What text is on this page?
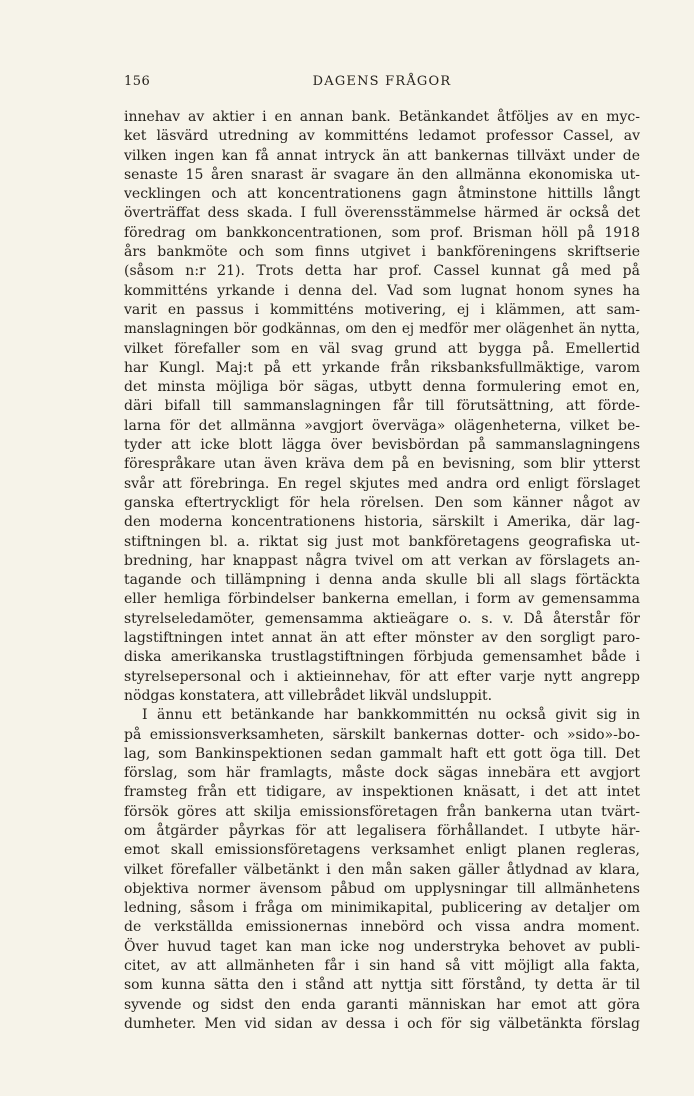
156	DAGENS FRÅGOR
innehav av aktier i en annan bank. Betänkandet åtföljes av en myc-
ket läsvärd utredning av kommitténs ledamot professor Cassel, av
vilken ingen kan få annat intryck än att bankernas tillväxt under de
senaste 15 åren snarast är svagare än den allmänna ekonomiska ut-
vecklingen och att koncentrationens gagn åtminstone hittills långt
överträffat dess skada. I full överensstämmelse härmed är också det
föredrag om bankkoncentrationen, som prof. Brisman höll på 1918
års bankmöte och som finns utgivet i bankföreningens skriftserie
(såsom n:r 21). Trots detta har prof. Cassel kunnat gå med på
kommitténs yrkande i denna del. Vad som lugnat honom synes ha
varit en passus i kommitténs motivering, ej i klämmen, att sam-
manslagningen bör godkännas, om den ej medför mer olägenhet än nytta,
vilket förefaller som en väl svag grund att bygga på. Emellertid
har Kungl. Maj:t på ett yrkande från riksbanksfullmäktige, varom
det minsta möjliga bör sägas, utbytt denna formulering emot en,
däri bifall till sammanslagningen får till förutsättning, att förde-
larna för det allmänna »avgjort överväga» olägenheterna, vilket be-
tyder att icke blott lägga över bevisbördan på sammanslagningens
förespråkare utan även kräva dem på en bevisning, som blir ytterst
svår att förebringa. En regel skjutes med andra ord enligt förslaget
ganska eftertryckligt för hela rörelsen. Den som känner något av
den moderna koncentrationens historia, särskilt i Amerika, där lag-
stiftningen bl. a. riktat sig just mot bankföretagens geografiska ut-
bredning, har knappast några tvivel om att verkan av förslagets an-
tagande och tillämpning i denna anda skulle bli all slags förtäckta
eller hemliga förbindelser bankerna emellan, i form av gemensamma
styrelseledamöter, gemensamma aktieägare o. s. v. Då återstår för
lagstiftningen intet annat än att efter mönster av den sorgligt paro-
diska amerikanska trustlagstiftningen förbjuda gemensamhet både i
styrelsepersonal och i aktieinnehav, för att efter varje nytt angrepp
nödgas konstatera, att villebrådet likväl undsluppit.
I ännu ett betänkande har bankkommittén nu också givit sig in
på emissionsverksamheten, särskilt bankernas dotter- och »sido»-bo-
lag, som Bankinspektionen sedan gammalt haft ett gott öga till. Det
förslag, som här framlagts, måste dock sägas innebära ett avgjort
framsteg från ett tidigare, av inspektionen knäsatt, i det att intet
försök göres att skilja emissionsföretagen från bankerna utan tvärt-
om åtgärder påyrkas för att legalisera förhållandet. I utbyte här-
emot skall emissionsföretagens verksamhet enligt planen regleras,
vilket förefaller välbetänkt i den mån saken gäller åtlydnad av klara,
objektiva normer ävensom påbud om upplysningar till allmänhetens
ledning, såsom i fråga om minimikapital, publicering av detaljer om
de verkställda emissionernas innebörd och vissa andra moment.
Över huvud taget kan man icke nog understryka behovet av publi-
citet, av att allmänheten får i sin hand så vitt möjligt alla fakta,
som kunna sätta den i stånd att nyttja sitt förstånd, ty detta är til
syvende og sidst den enda garanti människan har emot att göra
dumheter. Men vid sidan av dessa i och för sig välbetänkta förslag
